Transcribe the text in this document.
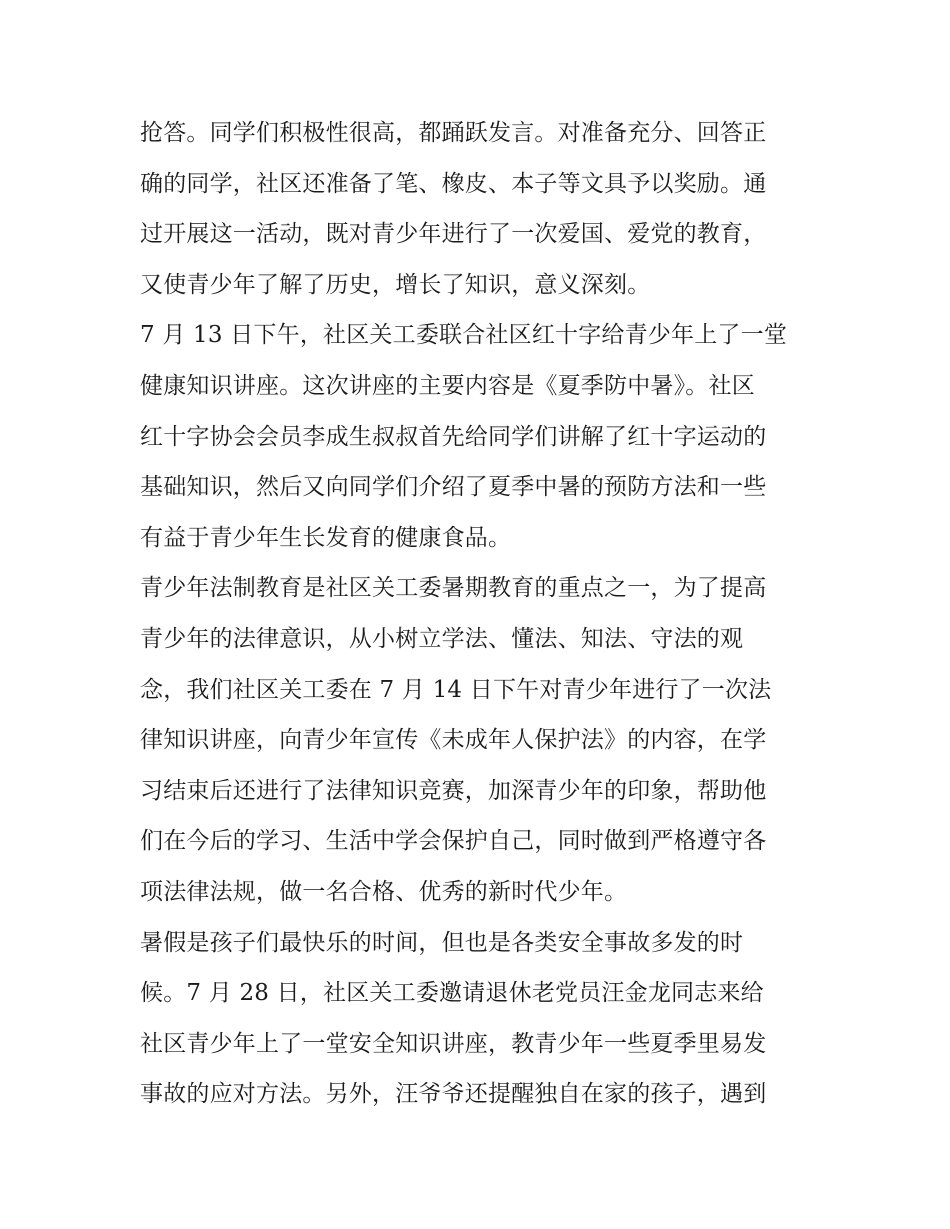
抢答。同学们积极性很高，都踊跃发言。对准备充分、回答正
确的同学，社区还准备了笔、橡皮、本子等文具予以奖励。通
过开展这一活动，既对青少年进行了一次爱国、爱党的教育，
又使青少年了解了历史，增长了知识，意义深刻。
7 月 13 日下午，社区关工委联合社区红十字给青少年上了一堂
健康知识讲座。这次讲座的主要内容是《夏季防中暑》。社区
红十字协会会员李成生叔叔首先给同学们讲解了红十字运动的
基础知识，然后又向同学们介绍了夏季中暑的预防方法和一些
有益于青少年生长发育的健康食品。
青少年法制教育是社区关工委暑期教育的重点之一，为了提高
青少年的法律意识，从小树立学法、懂法、知法、守法的观
念，我们社区关工委在 7 月 14 日下午对青少年进行了一次法
律知识讲座，向青少年宣传《未成年人保护法》的内容，在学
习结束后还进行了法律知识竞赛，加深青少年的印象，帮助他
们在今后的学习、生活中学会保护自己，同时做到严格遵守各
项法律法规，做一名合格、优秀的新时代少年。
暑假是孩子们最快乐的时间，但也是各类安全事故多发的时
候。7 月 28 日，社区关工委邀请退休老党员汪金龙同志来给
社区青少年上了一堂安全知识讲座，教青少年一些夏季里易发
事故的应对方法。另外，汪爷爷还提醒独自在家的孩子，遇到
